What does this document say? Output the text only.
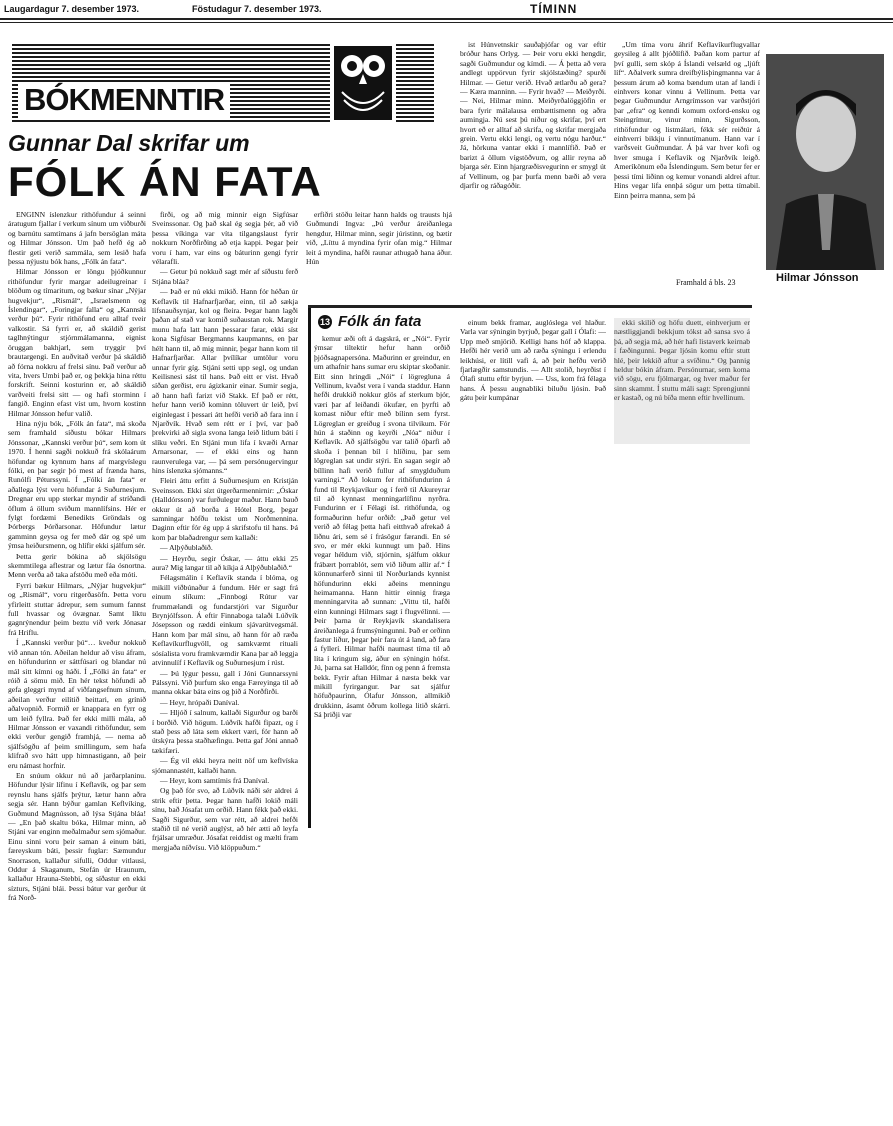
Laugardagur 7. desember 1973.	Föstudagur 7. desember 1973.	TÍMINN
BÓKMENNTIR
Gunnar Dal skrifar um
FÓLK ÁN FATA
Hilmar Jónsson

ENGINN íslenzkur rithöfundur á seinni áratugum fjallar í verkum sínum um viðburði og barnútu samtímans á jafn bersöglan máta og Hilmar Jónsson. Um það hefð ég að flestir geti verið sammála, sem lesið hafa þessa nýjustu bók hans, „Fólk án fata“.

Hilmar Jónsson er löngu þjóðkunnur rithöfundur fyrir margar adeilugreinar í blöðum og tímaritum, og bækur sínar „Nýjar hugvekjur“, „Rismál“, „Israelsmenn og Íslendingar“, „Foringjar falla“ og „Kannski verður þú“. Fyrir rithöfund eru alltaf tveir valkostir. Sá fyrri er, að skáldið gerist taglhnýtingur stjórnmálamanna, eignist öruggan bakhjarl, sem tryggir því brautargengi. En auðvitað verður þá skáldið að fórna nokkru af frelsi sínu. Það verður að vita, hvers Umbi það er, og þekkja hina réttu forskrift. Seinni kosturinn er, að skáldið varðveiti frelsi sitt — og hafi storminn í fangið. Enginn efast víst um, hvorn kostinn Hilmar Jónsson hefur valið.

Hina nýju bók, „Fólk án fata“, má skoða sem framhald síðustu bókar Hilmars Jónssonar, „Kannski verður þú“, sem kom út 1970. Í henni sagði nokkuð frá skólaárum höfundar og kynnum hans af margvíslegu fólki, en þar segir þó mest af frænda hans, Runólfi Péturssyni. Í „Fólki án fata“ er aðallega lýst veru höfundar á Suðurnesjum. Dregnar eru upp sterkar myndir af stríðandi öflum á öllum sviðum mannlífsins. Hér er fylgt fordæmi Benedikts Gröndals og Þórbergs Þórðarsonar. Höfundur lætur gamminn geysa og fer með dár og spé um ýmsa heiðursmenn, og hlífir ekki sjálfum sér.

Þetta gerir bókina að skjölsögu skemmtilega aflestrar og lætur fáa ósnortna. Menn verða að taka afstöðu með eða móti.

Fyrri bækur Hilmars, „Nýjar hugvekjur“ og „Rismál“, voru ritgerðasöfn. Þetta voru yfirleitt stuttar ádrepur, sem sumum fannst full hvassar og óvægnar. Samt líktu gagnrýnendur þeim beztu við verk Jónasar frá Hriflu.

Í „Kannski verður þú“… kveður nokkuð við annan tón. Aðeilan heldur að vísu áfram, en höfundurinn er sáttfúsari og blandar nú mál sitt kímni og háði. Í „Fólki án fata“ er róið á sömu mið. En hér tekst höfundi að gefa gleggri mynd af viðfangsefnum sínum, aðeilan verður eilítið beittari, en grínið aðalvopnið. Formið er knappara en fyrr og um leið fyllra. Það fer ekki milli mála, að Hilmar Jónsson er vaxandi rithöfundur, sem ekki verður gengið framhjá, — nema að sjálfsögðu af þeim smillingum, sem hafa klifrað svo hátt upp himnastigann, að þeir eru námast horfnir.

En snúum okkur nú að jarðarplaninu. Höfundur lýsir lífinu í Keflavík, og þar sem reynslu hans sjálfs þrýtur, lætur hann aðra segja sér. Hann býður gamlan Keflvíking, Guðmund Magnússon, að lýsa Stjána bláa! — „En það skaltu bóka, Hilmar minn, að Stjáni var enginn meðalmaður sem sjómaður. Einu sinni voru þeir saman á einum báti, færeyskum báti, þessir fuglar: Sæmundur Snorrason, kallaður sifulli, Oddur vitlausi, Oddur á Skaganum, Stefán úr Hraunum, kallaður Hrauna-Stebbi, og síðastur en ekki sízturs, Stjáni blái. Þessi bátur var gerður út frá Norð-

firði, og að mig minnir eign Sigfúsar Sveinssonar. Og það skal ég segja þér, að við þessa víkinga var víta tilgangslaust fyrir nokkurn Norðfirðing að etja kappi. Þegar þeir voru í ham, var eins og báturinn gengi fyrir vélarafli.

— Getur þú nokkuð sagt mér af síðustu ferð Stjána bláa?

— Það er nú ekki mikið. Hann fór héðan úr Keflavík til Hafnarfjarðar, einn, til að sækja lífsnauðsynjar, kol og fleira. Þegar hann lagði þaðan af stað var komið suðaustan rok. Margir munu hafa latt hann þessarar farar, ekki síst kona Sigfúsar Bergmanns kaupmanns, en þar hélt hann til, að mig minnir, þegar hann kom til Hafnarfjarðar. Allar þvílíkar umtölur voru unnar fyrir gíg. Stjáni setti upp segl, og undan Keilisnesi sást til hans. Það eitt er víst. Hvað síðan gerðist, eru ágizkanir einar. Sumir segja, að hann hafi farizt við Stakk. Ef það er rétt, hefur hann verið kominn töluvert úr leið, því eiginlegast í þessari átt hefði verið að fara inn í Njarðvík. Hvað sem rétt er í því, var það þrekvirki að sigla svona langa leið litlum báti í slíku veðri. En Stjáni mun lifa í kvæði Arnar Arnarsonar, — ef ekki eins og hann raunverulega var, — þá sem persónugervingur hins íslenzka sjómanns.“

Fleiri áttu erfitt á Suðurnesjum en Kristján Sveinsson. Ekki sízt útgerðarmennirnir: „Óskar (Halldórsson) var furðulegur maður. Hann bauð okkur út að borða á Hótel Borg, þegar samningar höfðu tekist um Norðmennina. Daginn eftir fór ég upp á skrifstofu til hans. Þá kom þar blaðadrengur sem kallaði:

— Alþýðublaðið.

— Heyrðu, segir Óskar, — áttu ekki 25 aura? Mig langar til að kíkja á Alþýðublaðið.“

Félagsmálin í Keflavík standa í blóma, og mikill viðbúnaður á fundum. Hér er sagt frá einum slíkum: „Finnbogi Rútur var frummælandi og fundarstjóri var Sigurður Brynjólfsson. Á eftir Finnaboga talaði Lúðvík Jósepsson og ræddi einkum sjávarútvegsmál. Hann kom þar mál sínu, að hann fór að ræða Keflavíkurflugvöll, og samkvæmt rituali sósíalista voru framkvæmdir Kana þar að leggja atvinnulíf í Keflavík og Suðurnesjum í rúst.

— Þú lýgur þessu, gall í Jóni Gunnarssyni Pálssyni. Við þurfum sko enga Færeyinga til að manna okkar báta eins og þið á Norðfirði.

— Heyr, hrópaði Daníval.

— Hljóð í salnum, kallaði Sigurður og barði í borðið. Við högum. Lúðvík hafði fipazt, og í stað þess að láta sem ekkert væri, fór hann að útskýra þessa staðhæfingu. Þetta gaf Jóni annað tækifæri.

— Ég vil ekki heyra neitt nöf um keflvíska sjómannastétt, kallaði hann.

— Heyr, kom samtímis frá Daníval.

Og það fór svo, að Lúðvík náði sér aldrei á strik eftir þetta. Þegar hann hafði lokið máli sínu, bað Jósafat um orðið. Hann fékk það ekki. Sagði Sigurður, sem var rétt, að aldrei hefði staðið til né verið auglýst, að hér ætti að leyfa frjálsar umræður. Jósafat reiddist og mælti fram mergjaða níðvísu. Við klöppuðum.“

erfiðri stöðu leitar hann halds og trausts hjá Guðmundi Ingva: „Þú verður áreiðanlega hengdur, Hilmar minn, segir júristinn, og bætir við, „Líttu á myndina fyrir ofan mig.“ Hilmar leit á myndina, hafði raunar athugað hana áður. Hún

ist Húnvetnskir sauðaþjófar og var eftir bróður hans Orlyg. — Þeir voru ekki hengdir, sagði Guðmundur og kímdi. — Á þetta að vera andlegt uppörvun fyrir skjólstæðing? spurði Hilmar. — Getur verið. Hvað ætlarðu að gera? — Kæra manninn. — Fyrir hvað? — Meiðyrði. — Nei, Hilmar minn. Meiðyrðalöggjöfin er bara fyrir málalausa embættismenn og aðra aumingja. Nú sest þú niður og skrifar, því ert hvort eð er alltaf að skrifa, og skrifar mergjaða grein. Vertu ekki lengi, og vertu nógu harður.“ Já, hörkuna vantar ekki í mannlífið. Það er barizt á öllum vígstöðvum, og allir reyna að bjarga sér. Einn hjargræðisvegurinn er smygl út af Vellinum, og þar þurfa menn bæði að vera djarfir og ráðagóðir.

„Um tíma voru áhrif Keflavíkurflugvallar geysileg á allt þjóðlífið. Þaðan kom partur af því gulli, sem skóp á Íslandi velsæld og „ljúft líf“. Aðalverk sumra dreifbýlisþingmanna var á þessum árum að koma bændum utan af landi í einhvers konar vinnu á Vellinum. Þetta var þegar Guðmundur Arngrímsson var varðstjóri þar „efra“ og kenndi komum oxford-ensku og Steingrímur, vinur minn, Sigurðsson, rithöfundur og listmálari, fékk sér reiðtúr á einhverri bikkju í vinnutímanum. Hann var í varðsveit Guðmundar. Á þá var hver kofi og hver smuga í Keflavík og Njarðvík leigð. Ameríkönum eða Íslendingum. Sem betur fer er þessi tími liðinn og kemur vonandi aldrei aftur. Hins vegar lifa ennþá sögur um þetta tímabil. Einn þeirra manna, sem þá

Framhald á bls. 23
13 Fólk án fata

kemur æði oft á dagskrá, er „Nói“. Fyrir ýmsar tiltektir hefur hann orðið þjóðsagnapersóna. Maðurinn er greindur, en um athafnir hans sumar eru skiptar skoðanir. Eitt sinn hringdi „Nói“ í lögregluna á Vellinum, kvaðst vera í vanda staddur. Hann hefði drukkið nokkur glös af sterkum bjór, væri þar af leiðandi ökufær, en þyrfti að komast niður eftir með bílinn sem fyrst. Lögreglan er greiðug í svona tilvikum. Fór hún á staðinn og keyrði „Nóa“ niður í Keflavík. Að sjálfsögðu var talið óþarfi að skoða í þennan bíl í hlíðinu, þar sem lögreglan sat undir stýri. En sagan segir að bíllinn hafi verið fullur af smyglduðum varningi.“ Að lokum fer rithöfundurinn á fund til Reykjavíkur og í ferð til Akureyrar til að kynnast menningarlífinu nyrðra. Fundurinn er í Félagi ísl. rithöfunda, og formaðurinn hefur orðið: „Það getur vel verið að félag þetta hafi eitthvað afrekað á liðnu ári, sem sé í frásögur færandi. En sé svo, er mér ekki kunnugt um það. Hins vegar héldum við, stjórnin, sjálfum okkur frábært þorrablót, sem við liðum allir af.“ Í könnunarferð sinni til Norðurlands kynnist höfundurinn ekki aðeins menningu heimamanna. Hann hittir einnig fræga menningarvita að sunnan: „Vittu til, hafði einn kunningi Hilmars sagt í flugvélinni. — Þeir þarna úr Reykjavík skandalisera áreiðanlega á frumsýningunni. Það er orðinn fastur liður, þegar þeir fara út á land, að fara á fyllerí. Hilmar hafði naumast tíma til að líta í kringum sig, áður en sýningin hófst. Jú, þarna sat Halldór, fínn og penn á fremsta bekk. Fyrir aftan Hilmar á næsta bekk var mikill fyrirgangur. Þar sat sjálfur höfuðpaurinn, Ólafur Jónsson, allmikið drukkinn, ásamt öðrum kollega litið skárri. Sá þriðji var

einum bekk framar, auglóslega vel hlaður. Varla var sýningin byrjuð, þegar gall í Ólafi: — Upp með smjörið. Kelligi hans hóf að klappa. Hefði hér verið um að ræða sýningu í erlendu leikhúsi, er lítill vafi á, að þeir hefðu verið fjarlægðir samstundis. — Allt stolið, heyrðist í Ólafi stuttu eftir byrjun. — Uss, kom frá félaga hans. Á þessu augnabliki biluðu ljósin. Það gátu þeir kumpánar

ekki skilið og höfu duett, einhverjum er næstliggjandi bekkjum tókst að sansa svo á þá, að segja má, að hér hafi listaverk keirnab í fæðingunni. Þegar ljósin komu eftir stutt hlé, þeir lekkið aftur a svíðinu.“ Og þannig heldur bókin áfram. Persónurnar, sem koma við sögu, eru fjölmargar, og hver maður fer sinn skammt. Í stuttu máli sagt: Sprengjunni er kastað, og nú bíða menn eftir hvellinum.
